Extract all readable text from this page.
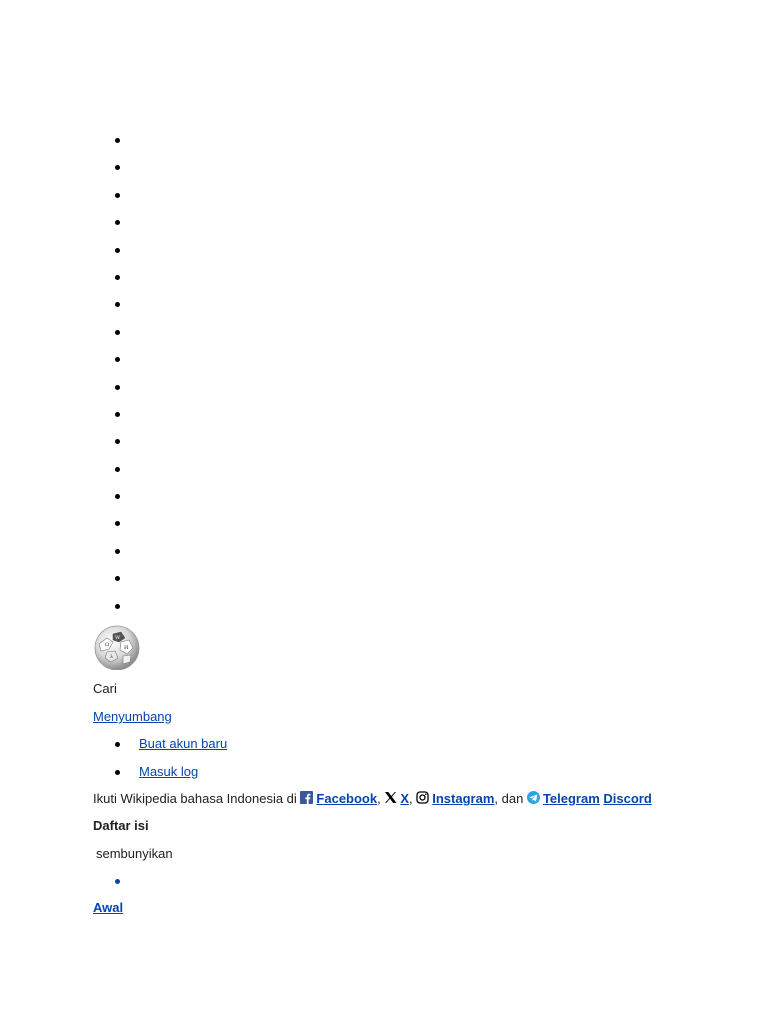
Ω
W
И
λ
Cari
Menyumbang
Buat akun baru
Masuk log
Ikuti Wikipedia bahasa Indonesia di Facebook, X, Instagram, dan Telegram Discord
Daftar isi
sembunyikan
Awal
